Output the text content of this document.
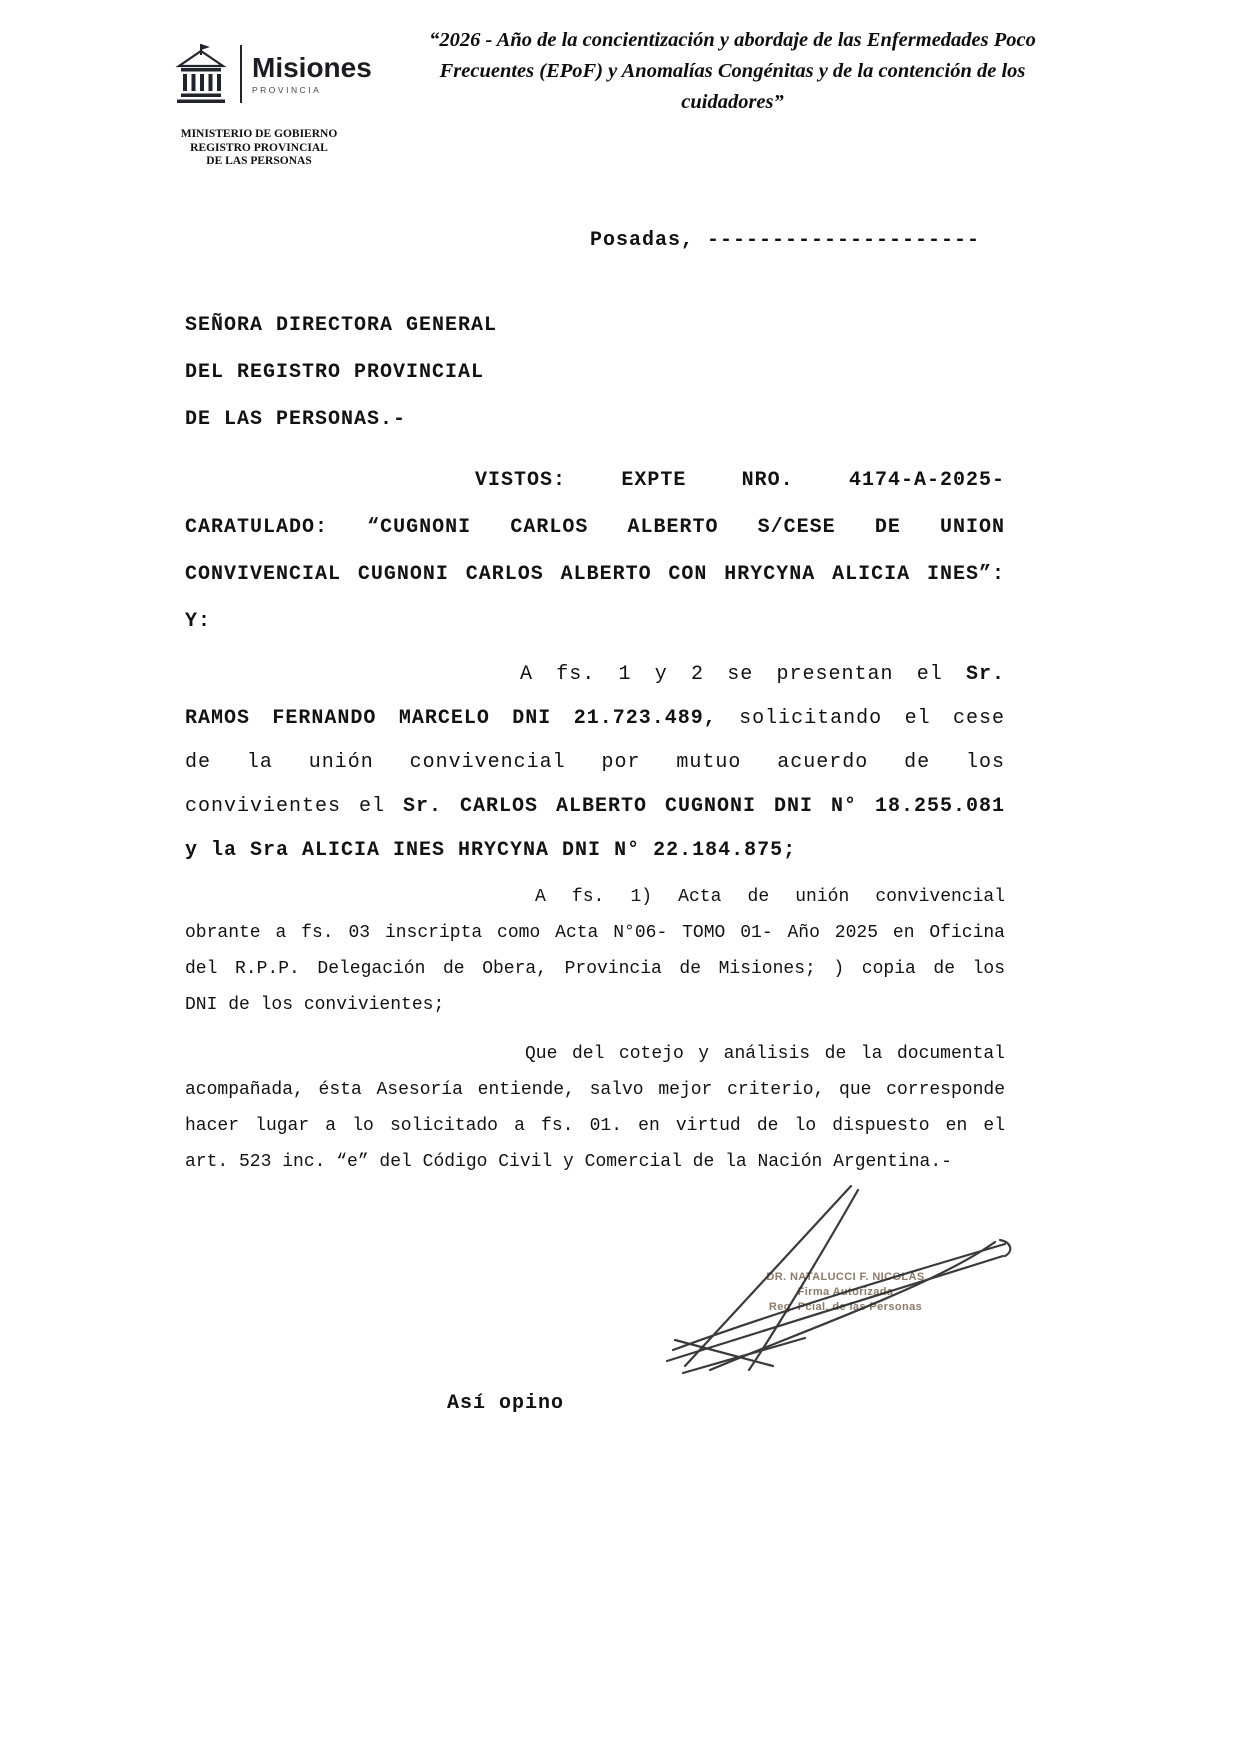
Misiones
PROVINCIA
“2026 - Año de la concientización y abordaje de las Enfermedades Poco Frecuentes (EPoF) y Anomalías Congénitas y de la contención de los cuidadores”
MINISTERIO DE GOBIERNO
REGISTRO PROVINCIAL
DE LAS PERSONAS
Posadas, ---------------------
SEÑORA DIRECTORA GENERAL
DEL REGISTRO PROVINCIAL
DE LAS PERSONAS.-
VISTOS: EXPTE NRO. 4174-A-2025-
CARATULADO: “CUGNONI CARLOS ALBERTO S/CESE DE UNION
CONVIVENCIAL CUGNONI CARLOS ALBERTO CON HRYCYNA ALICIA INES”:
Y:
A fs. 1 y 2 se presentan el Sr.
RAMOS FERNANDO MARCELO DNI 21.723.489, solicitando el cese
de la unión convivencial por mutuo acuerdo de los
convivientes el Sr. CARLOS ALBERTO CUGNONI DNI N° 18.255.081
y la Sra ALICIA INES HRYCYNA DNI N° 22.184.875;
A fs. 1) Acta de unión convivencial
obrante a fs. 03 inscripta como Acta N°06- TOMO 01- Año 2025 en Oficina
del R.P.P. Delegación de Obera, Provincia de Misiones; ) copia de los
DNI de los convivientes;
Que del cotejo y análisis de la documental
acompañada, ésta Asesoría entiende, salvo mejor criterio, que corresponde
hacer lugar a lo solicitado a fs. 01. en virtud de lo dispuesto en el
art. 523 inc. “e” del Código Civil y Comercial de la Nación Argentina.-
DR. NATALUCCI F. NICOLAS
Firma Autorizada
Reg. Pcial. de las Personas
Así opino
